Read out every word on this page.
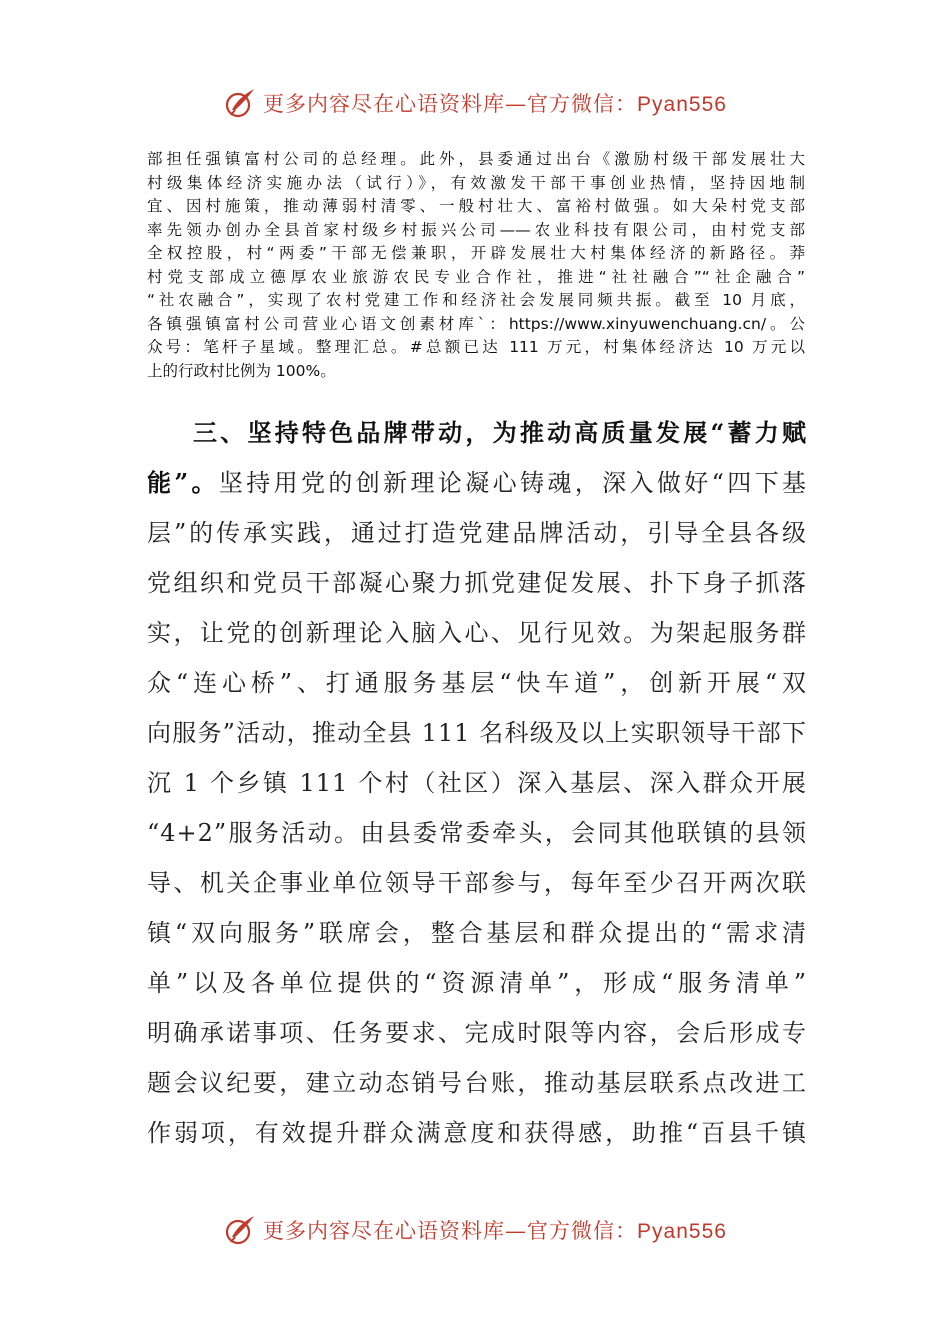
更多内容尽在心语资料库—官方微信：Pyan556
部担任强镇富村公司的总经理。此外，县委通过出台《激励村级干部发展壮大
村级集体经济实施办法（试行）》，有效激发干部干事创业热情，坚持因地制
宜、因村施策，推动薄弱村清零、一般村壮大、富裕村做强。如大朵村党支部
率先领办创办全县首家村级乡村振兴公司——农业科技有限公司，由村党支部
全权控股，村“两委”干部无偿兼职，开辟发展壮大村集体经济的新路径。莽
村党支部成立德厚农业旅游农民专业合作社，推进“社社融合”“社企融合”
“社农融合”，实现了农村党建工作和经济社会发展同频共振。截至 10 月底，
各镇强镇富村公司营业心语文创素材库`：https://www.xinyuwenchuang.cn/。公
众号：笔杆子星域。整理汇总。#总额已达 111 万元，村集体经济达 10 万元以
上的行政村比例为 100%。
三、坚持特色品牌带动，为推动高质量发展“蓄力赋
能”。坚持用党的创新理论凝心铸魂，深入做好“四下基
层”的传承实践，通过打造党建品牌活动，引导全县各级
党组织和党员干部凝心聚力抓党建促发展、扑下身子抓落
实，让党的创新理论入脑入心、见行见效。为架起服务群
众“连心桥”、打通服务基层“快车道”，创新开展“双
向服务”活动，推动全县 111 名科级及以上实职领导干部下
沉 1 个乡镇 111 个村（社区）深入基层、深入群众开展
“4+2”服务活动。由县委常委牵头，会同其他联镇的县领
导、机关企事业单位领导干部参与，每年至少召开两次联
镇“双向服务”联席会，整合基层和群众提出的“需求清
单”以及各单位提供的“资源清单”，形成“服务清单”
明确承诺事项、任务要求、完成时限等内容，会后形成专
题会议纪要，建立动态销号台账，推动基层联系点改进工
作弱项，有效提升群众满意度和获得感，助推“百县千镇
更多内容尽在心语资料库—官方微信：Pyan556
